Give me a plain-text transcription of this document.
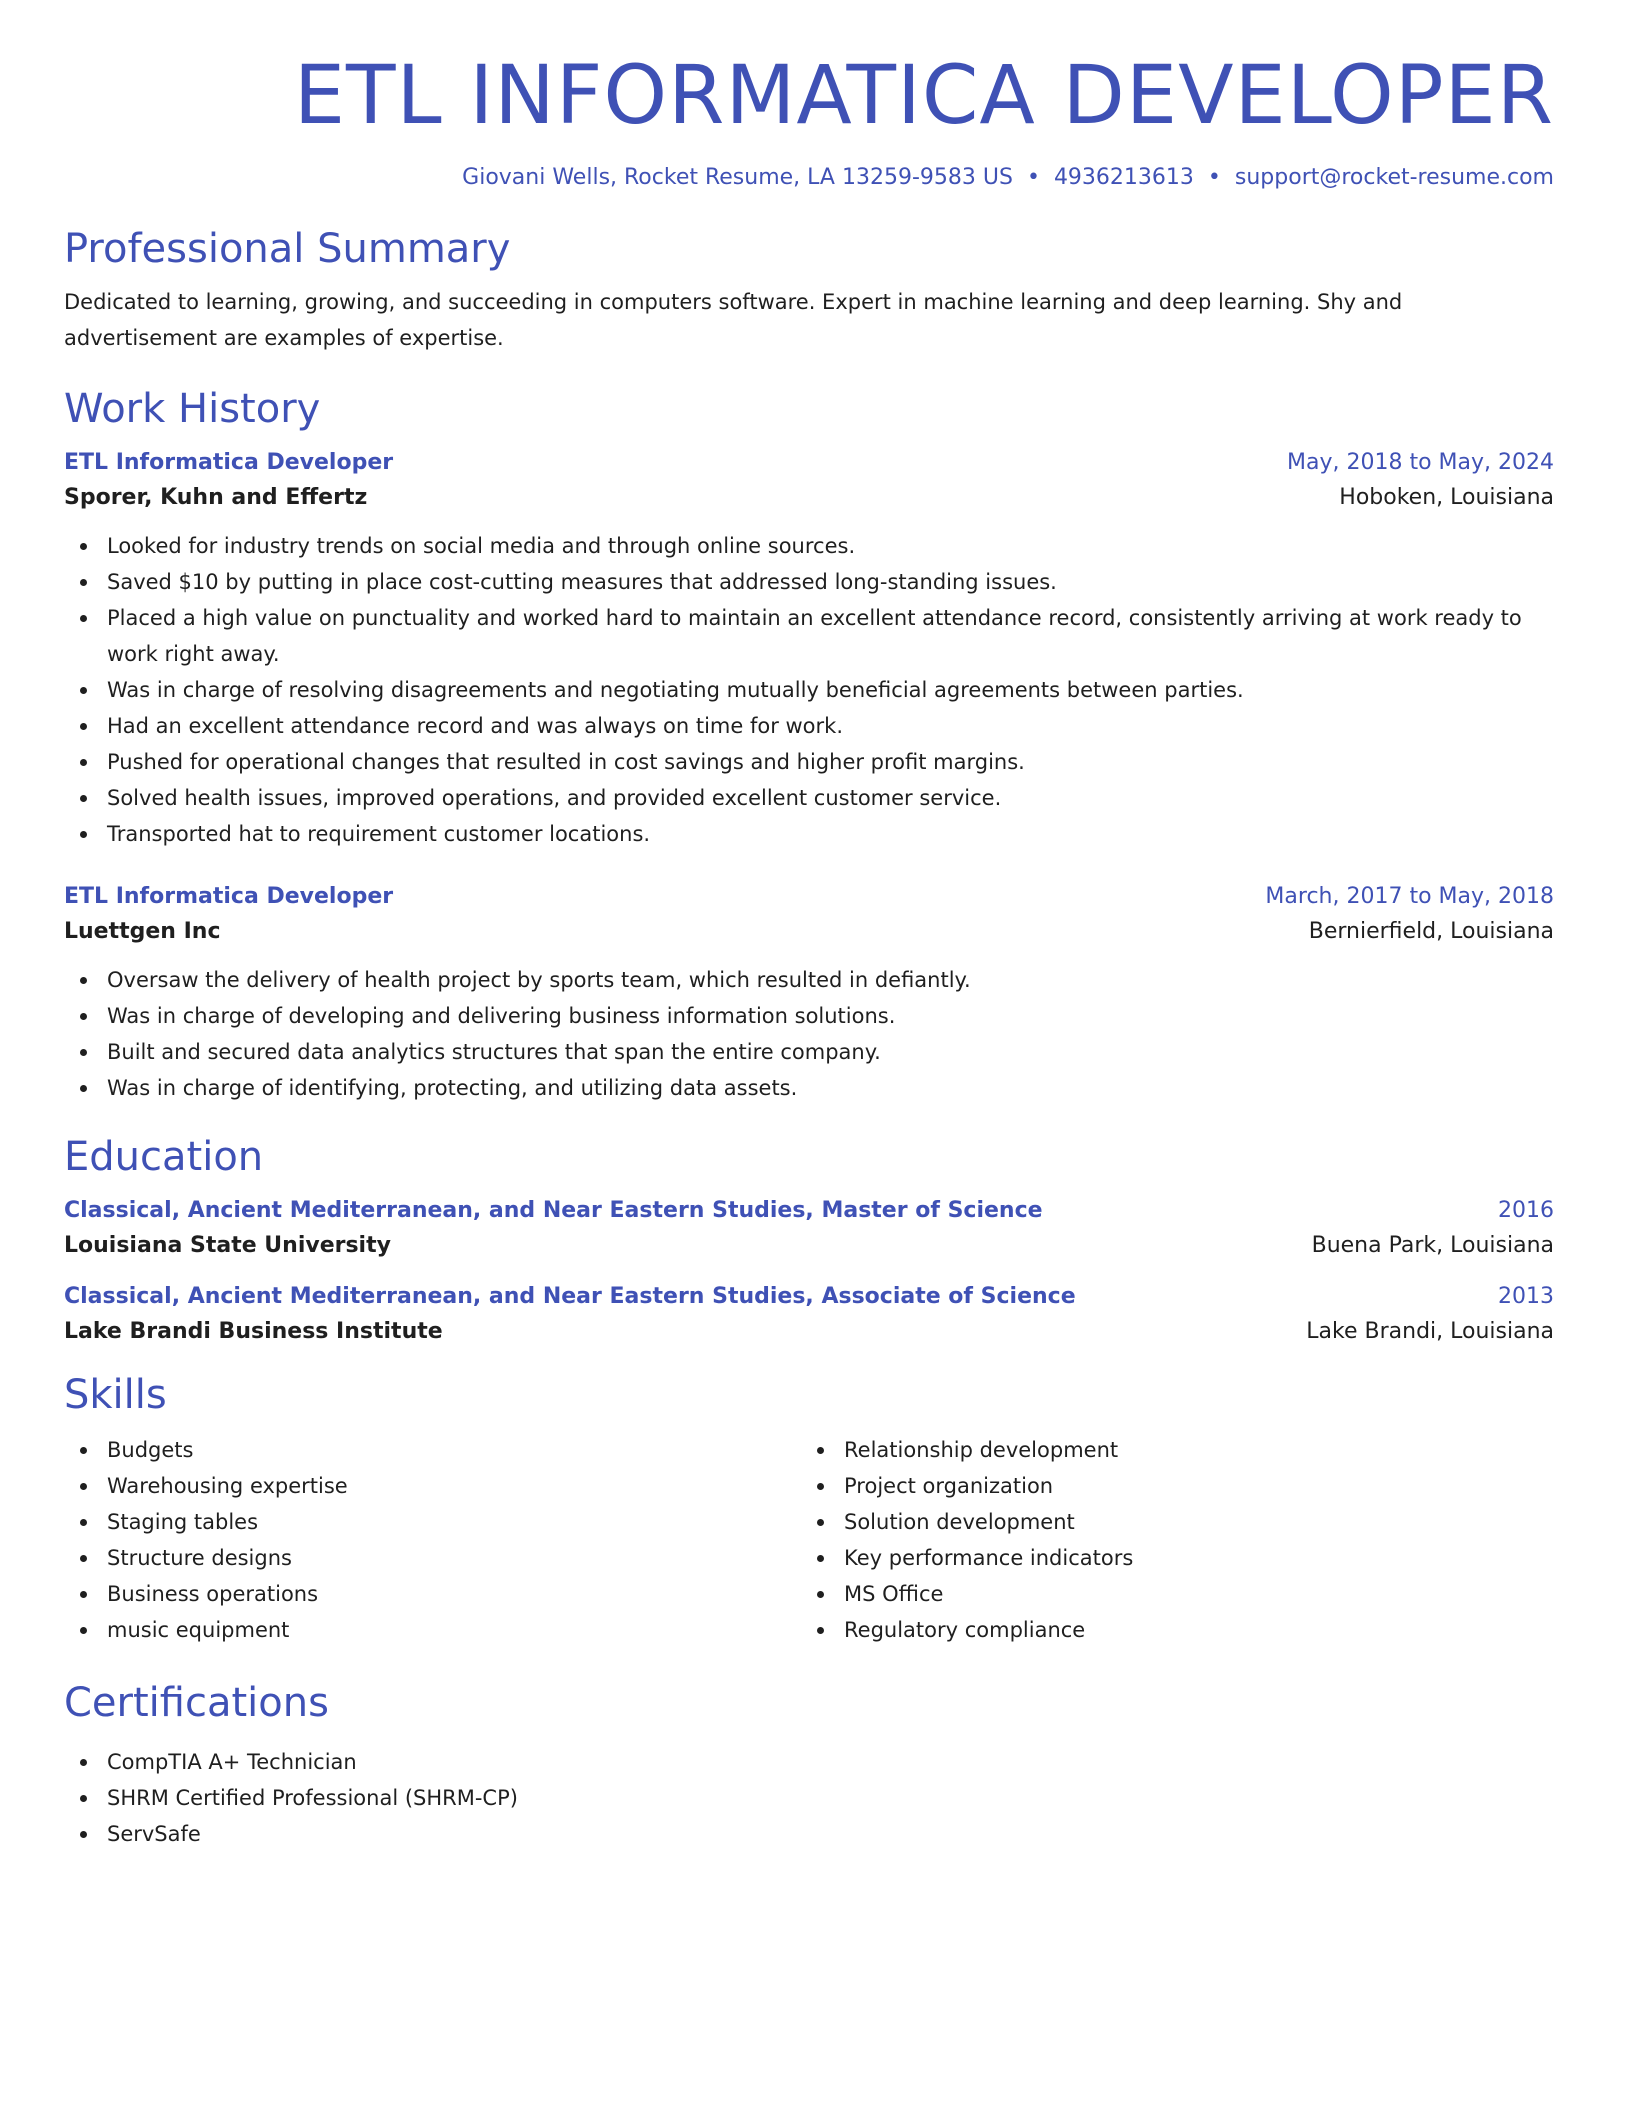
ETL INFORMATICA DEVELOPER
Giovani Wells, Rocket Resume, LA 13259-9583 US • 4936213613 • support@rocket-resume.com
Professional Summary

Dedicated to learning, growing, and succeeding in computers software. Expert in machine learning and deep learning. Shy and advertisement are examples of expertise.

Work History
ETL Informatica Developer	May, 2018 to May, 2024
Sporer, Kuhn and Effertz	Hoboken, Louisiana
Looked for industry trends on social media and through online sources.
Saved $10 by putting in place cost-cutting measures that addressed long-standing issues.
Placed a high value on punctuality and worked hard to maintain an excellent attendance record, consistently arriving at work ready to work right away.
Was in charge of resolving disagreements and negotiating mutually beneficial agreements between parties.
Had an excellent attendance record and was always on time for work.
Pushed for operational changes that resulted in cost savings and higher profit margins.
Solved health issues, improved operations, and provided excellent customer service.
Transported hat to requirement customer locations.
ETL Informatica Developer	March, 2017 to May, 2018
Luettgen Inc	Bernierfield, Louisiana
Oversaw the delivery of health project by sports team, which resulted in defiantly.
Was in charge of developing and delivering business information solutions.
Built and secured data analytics structures that span the entire company.
Was in charge of identifying, protecting, and utilizing data assets.
Education
Classical, Ancient Mediterranean, and Near Eastern Studies, Master of Science	2016
Louisiana State University	Buena Park, Louisiana
Classical, Ancient Mediterranean, and Near Eastern Studies, Associate of Science	2013
Lake Brandi Business Institute	Lake Brandi, Louisiana
Skills
Budgets
Warehousing expertise
Staging tables
Structure designs
Business operations
music equipment
Relationship development
Project organization
Solution development
Key performance indicators
MS Office
Regulatory compliance
Certifications
CompTIA A+ Technician
SHRM Certified Professional (SHRM-CP)
ServSafe
